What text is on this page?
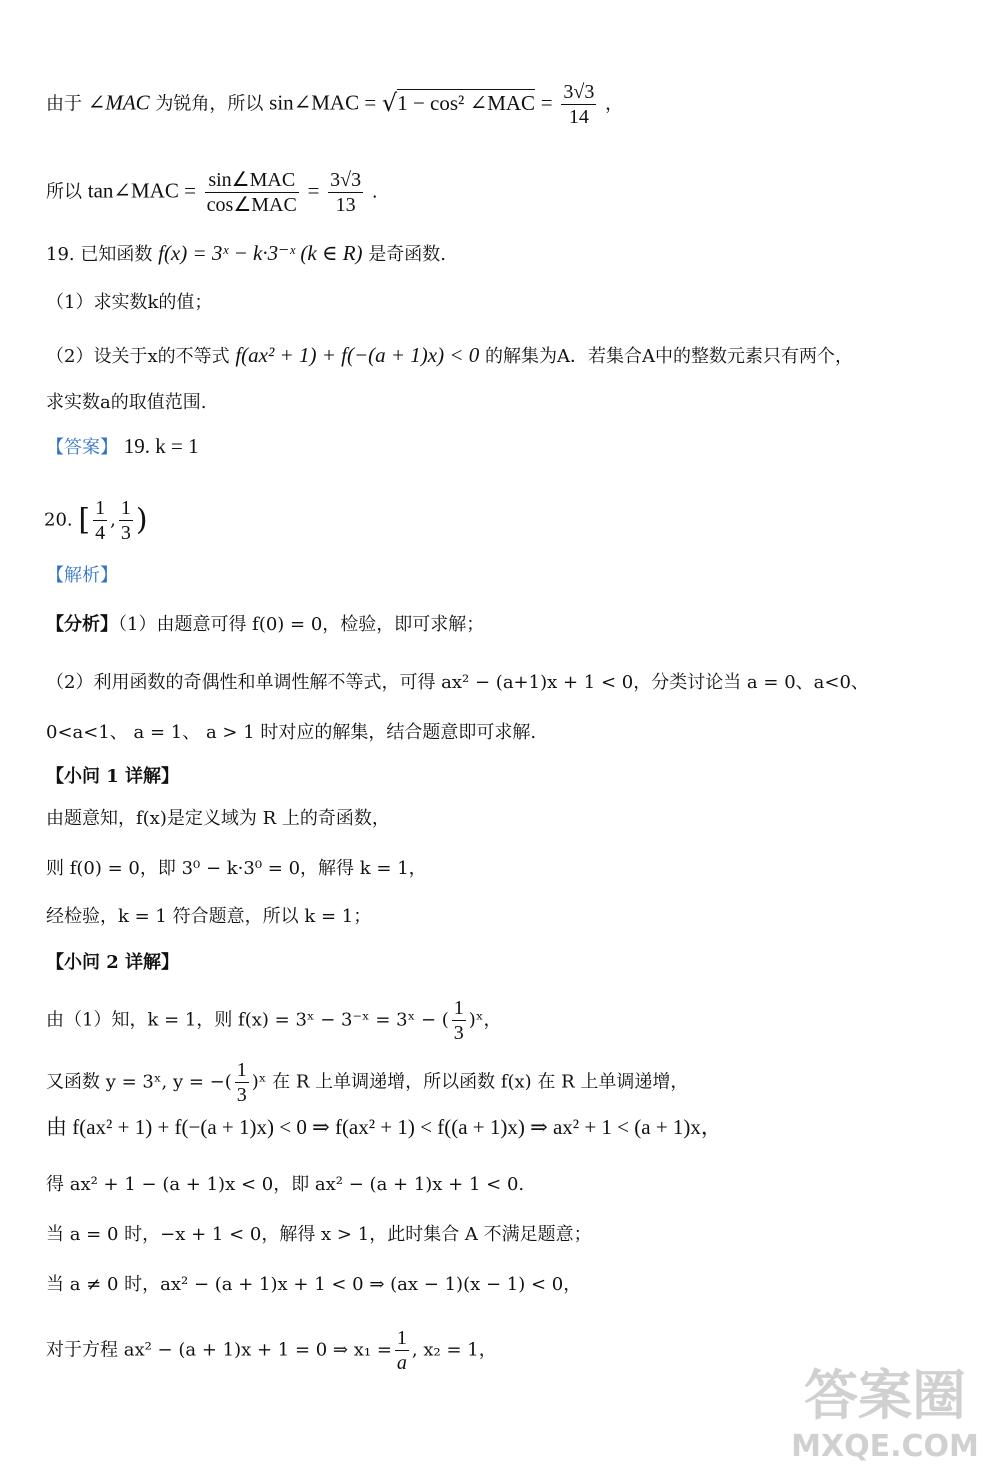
由于 ∠MAC 为锐角，所以 sin∠MAC = √1 − cos² ∠MAC = $\frac{3√3}{14}$ ，
所以 tan∠MAC = $\frac{\text{sin∠MAC}}{\text{cos∠MAC}} = \frac{3√3}{13}$ .
19. 已知函数 f(x) = 3ˣ − k·3⁻ˣ (k ∈ R) 是奇函数.
（1）求实数k的值；
（2）设关于x的不等式 f(ax² + 1) + f(−(a + 1)x) < 0 的解集为A．若集合A中的整数元素只有两个，
求实数a的取值范围.
【答案】 19. k = 1
20. [ $\frac{1}{4}$ , $\frac{1}{3}$ )
【解析】
【分析】（1）由题意可得 f(0) = 0，检验，即可求解；
（2）利用函数的奇偶性和单调性解不等式，可得 ax² − (a+1)x + 1 < 0，分类讨论当 a = 0、a<0、
0<a<1、 a = 1、 a > 1 时对应的解集，结合题意即可求解.
【小问 1 详解】
由题意知，f(x)是定义域为 R 上的奇函数，
则 f(0) = 0，即 3⁰ − k·3⁰ = 0，解得 k = 1，
经检验，k = 1 符合题意，所以 k = 1；
【小问 2 详解】
由（1）知，k = 1，则 f(x) = 3ˣ − 3⁻ˣ = 3ˣ − ( $\frac{1}{3}$ )ˣ，
又函数 y = 3ˣ, y = −( $\frac{1}{3}$ )ˣ 在 R 上单调递增，所以函数 f(x) 在 R 上单调递增，
由 f(ax² + 1) + f(−(a + 1)x) < 0 ⇒ f(ax² + 1) < f((a + 1)x) ⇒ ax² + 1 < (a + 1)x，
得 ax² + 1 − (a + 1)x < 0，即 ax² − (a + 1)x + 1 < 0.
当 a = 0 时，−x + 1 < 0，解得 x > 1，此时集合 A 不满足题意；
当 a ≠ 0 时，ax² − (a + 1)x + 1 < 0 ⇒ (ax − 1)(x − 1) < 0，
对于方程 ax² − (a + 1)x + 1 = 0 ⇒ $x_1 = \frac{1}{a}$ , x₂ = 1，
答案圈
MXQE.COM
